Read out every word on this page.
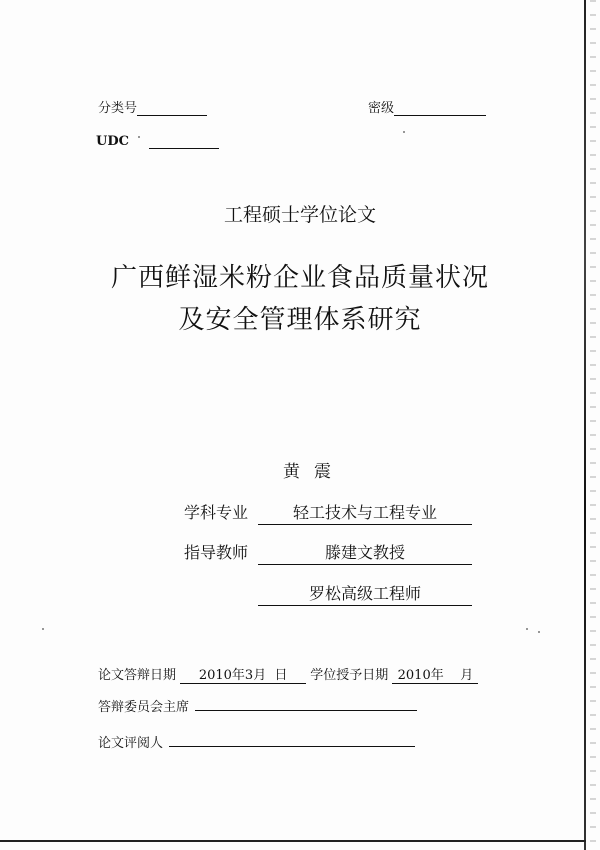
分类号	密级
UDC
工程硕士学位论文
广西鲜湿米粉企业食品质量状况
及安全管理体系研究
黄震
学科专业	轻工技术与工程专业
指导教师	滕建文教授
罗松高级工程师
论文答辩日期 2010年3月 日 学位授予日期 2010年 月
答辩委员会主席
论文评阅人
